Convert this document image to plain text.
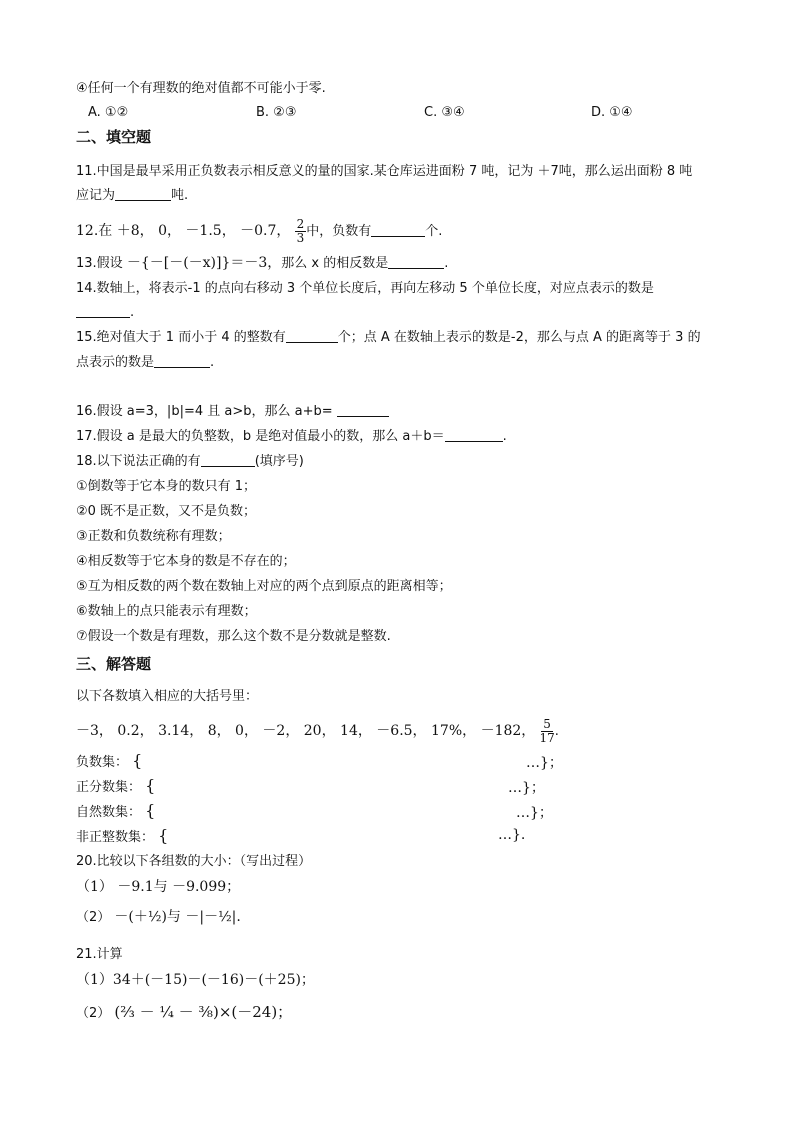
④任何一个有理数的绝对值都不可能小于零.
A. ①②	B. ②③	C. ③④	D. ①④
二、填空题
11.中国是最早采用正负数表示相反意义的量的国家.某仓库运进面粉 7 吨，记为 ＋7吨，那么运出面粉 8 吨
应记为	吨.
12.在 ＋8， 0， －1.5， －0.7， $\frac{2}{3}$ 中，负数有	个.
13.假设 －{－[－(－x)]}＝－3，那么 x 的相反数是	.
14.数轴上，将表示-1 的点向右移动 3 个单位长度后，再向左移动 5 个单位长度，对应点表示的数是
.
15.绝对值大于 1 而小于 4 的整数有	个；点 A 在数轴上表示的数是-2，那么与点 A 的距离等于 3 的
点表示的数是	.
16.假设 a=3，|b|=4 且 a>b，那么 a+b=
17.假设 a 是最大的负整数，b 是绝对值最小的数，那么 a＋b＝	.
18.以下说法正确的有	(填序号)
①倒数等于它本身的数只有 1；
②0 既不是正数，又不是负数；
③正数和负数统称有理数；
④相反数等于它本身的数是不存在的；
⑤互为相反数的两个数在数轴上对应的两个点到原点的距离相等；
⑥数轴上的点只能表示有理数；
⑦假设一个数是有理数，那么这个数不是分数就是整数.
三、解答题
以下各数填入相应的大括号里：
－3， 0.2， 3.14， 8， 0， －2， 20， 14， －6.5， 17%， －182， $\frac{5}{17}$ .
负数集： {	…}；
正分数集： {	…}；
自然数集： {	…}；
非正整数集： {	…}.
20.比较以下各组数的大小：（写出过程）
（1） －9.1与 －9.099；
（2） －(＋½)与 －|－½|.
21.计算
（1）34＋(－15)－(－16)－(＋25)；
（2） (⅔ － ¼ － ⅜)×(－24)；
